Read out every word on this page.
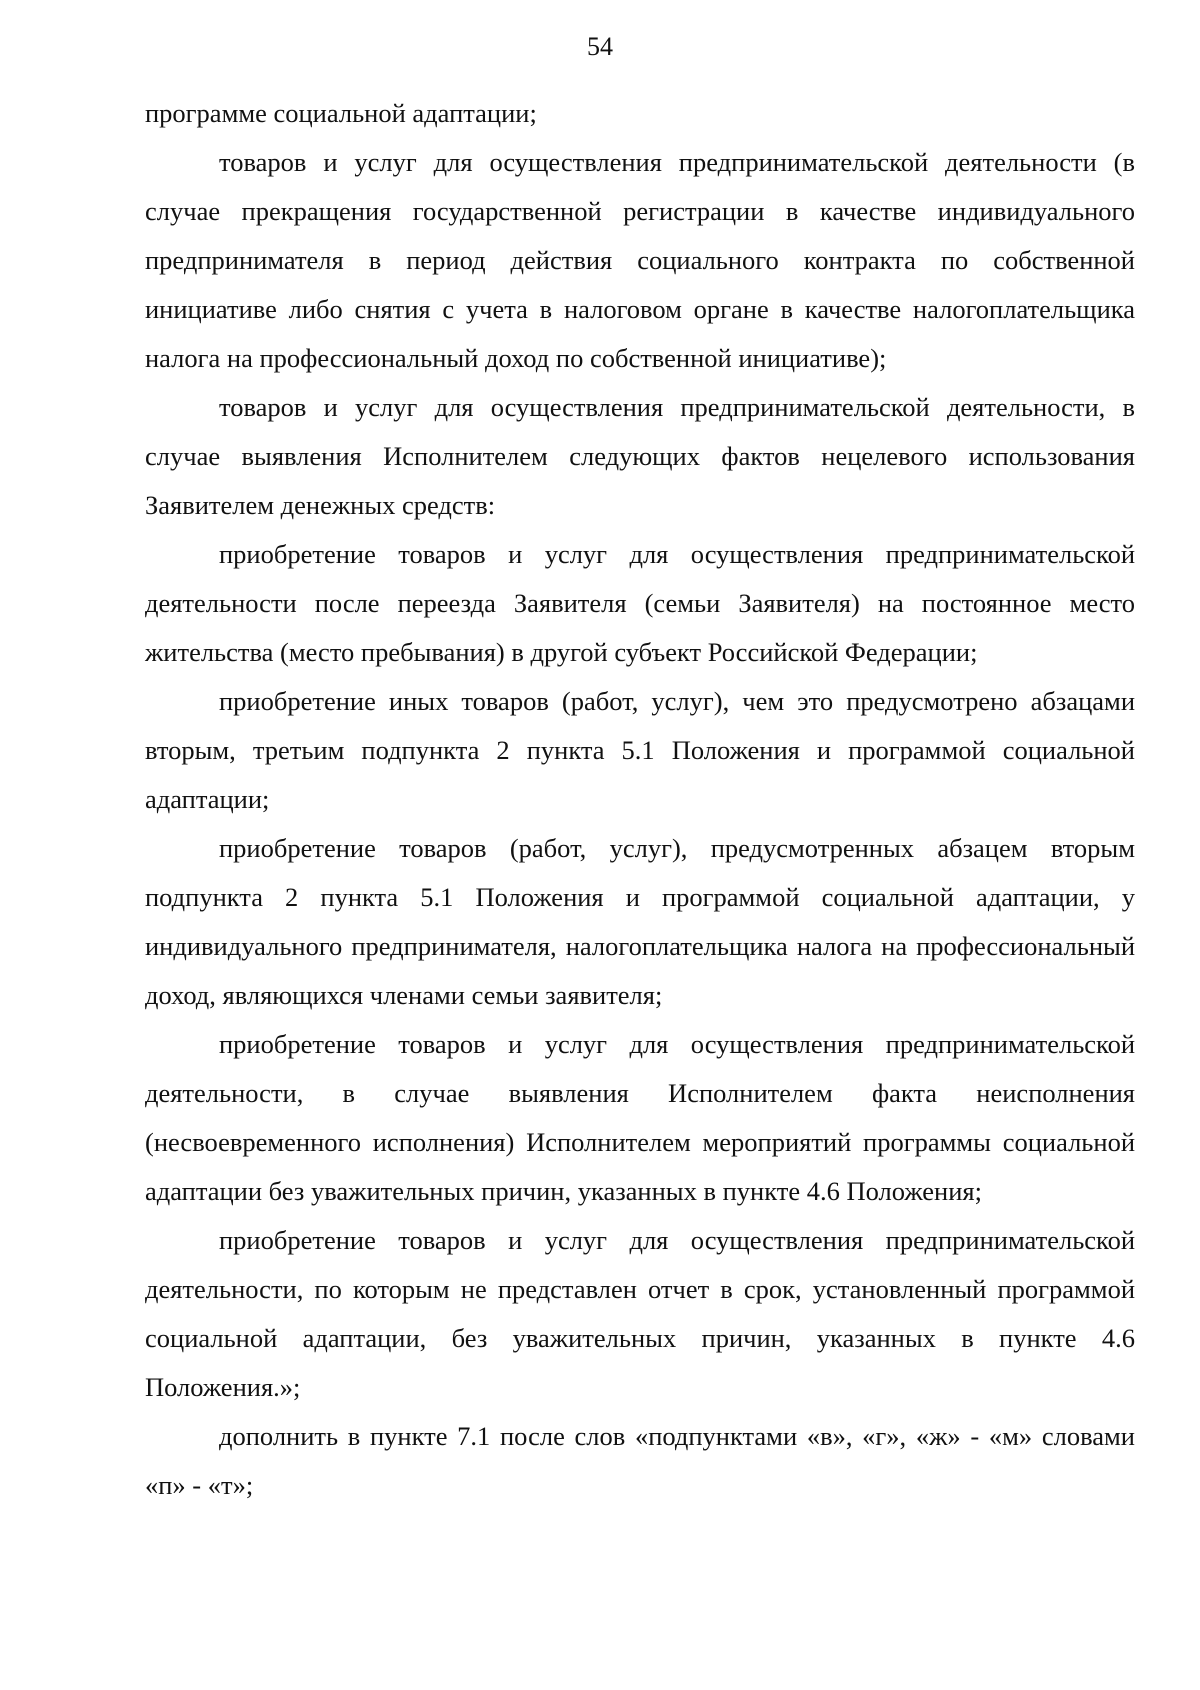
54

программе социальной адаптации;

товаров и услуг для осуществления предпринимательской деятельности (в случае прекращения государственной регистрации в качестве индивидуального предпринимателя в период действия социального контракта по собственной инициативе либо снятия с учета в налоговом органе в качестве налогоплательщика налога на профессиональный доход по собственной инициативе);

товаров и услуг для осуществления предпринимательской деятельности, в случае выявления Исполнителем следующих фактов нецелевого использования Заявителем денежных средств:

приобретение товаров и услуг для осуществления предпринимательской деятельности после переезда Заявителя (семьи Заявителя) на постоянное место жительства (место пребывания) в другой субъект Российской Федерации;

приобретение иных товаров (работ, услуг), чем это предусмотрено абзацами вторым, третьим подпункта 2 пункта 5.1 Положения и программой социальной адаптации;

приобретение товаров (работ, услуг), предусмотренных абзацем вторым подпункта 2 пункта 5.1 Положения и программой социальной адаптации, у индивидуального предпринимателя, налогоплательщика налога на профессиональный доход, являющихся членами семьи заявителя;

приобретение товаров и услуг для осуществления предпринимательской деятельности, в случае выявления Исполнителем факта неисполнения (несвоевременного исполнения) Исполнителем мероприятий программы социальной адаптации без уважительных причин, указанных в пункте 4.6 Положения;

приобретение товаров и услуг для осуществления предпринимательской деятельности, по которым не представлен отчет в срок, установленный программой социальной адаптации, без уважительных причин, указанных в пункте 4.6 Положения.»;

дополнить в пункте 7.1 после слов «подпунктами «в», «г», «ж» - «м» словами «п» - «т»;
